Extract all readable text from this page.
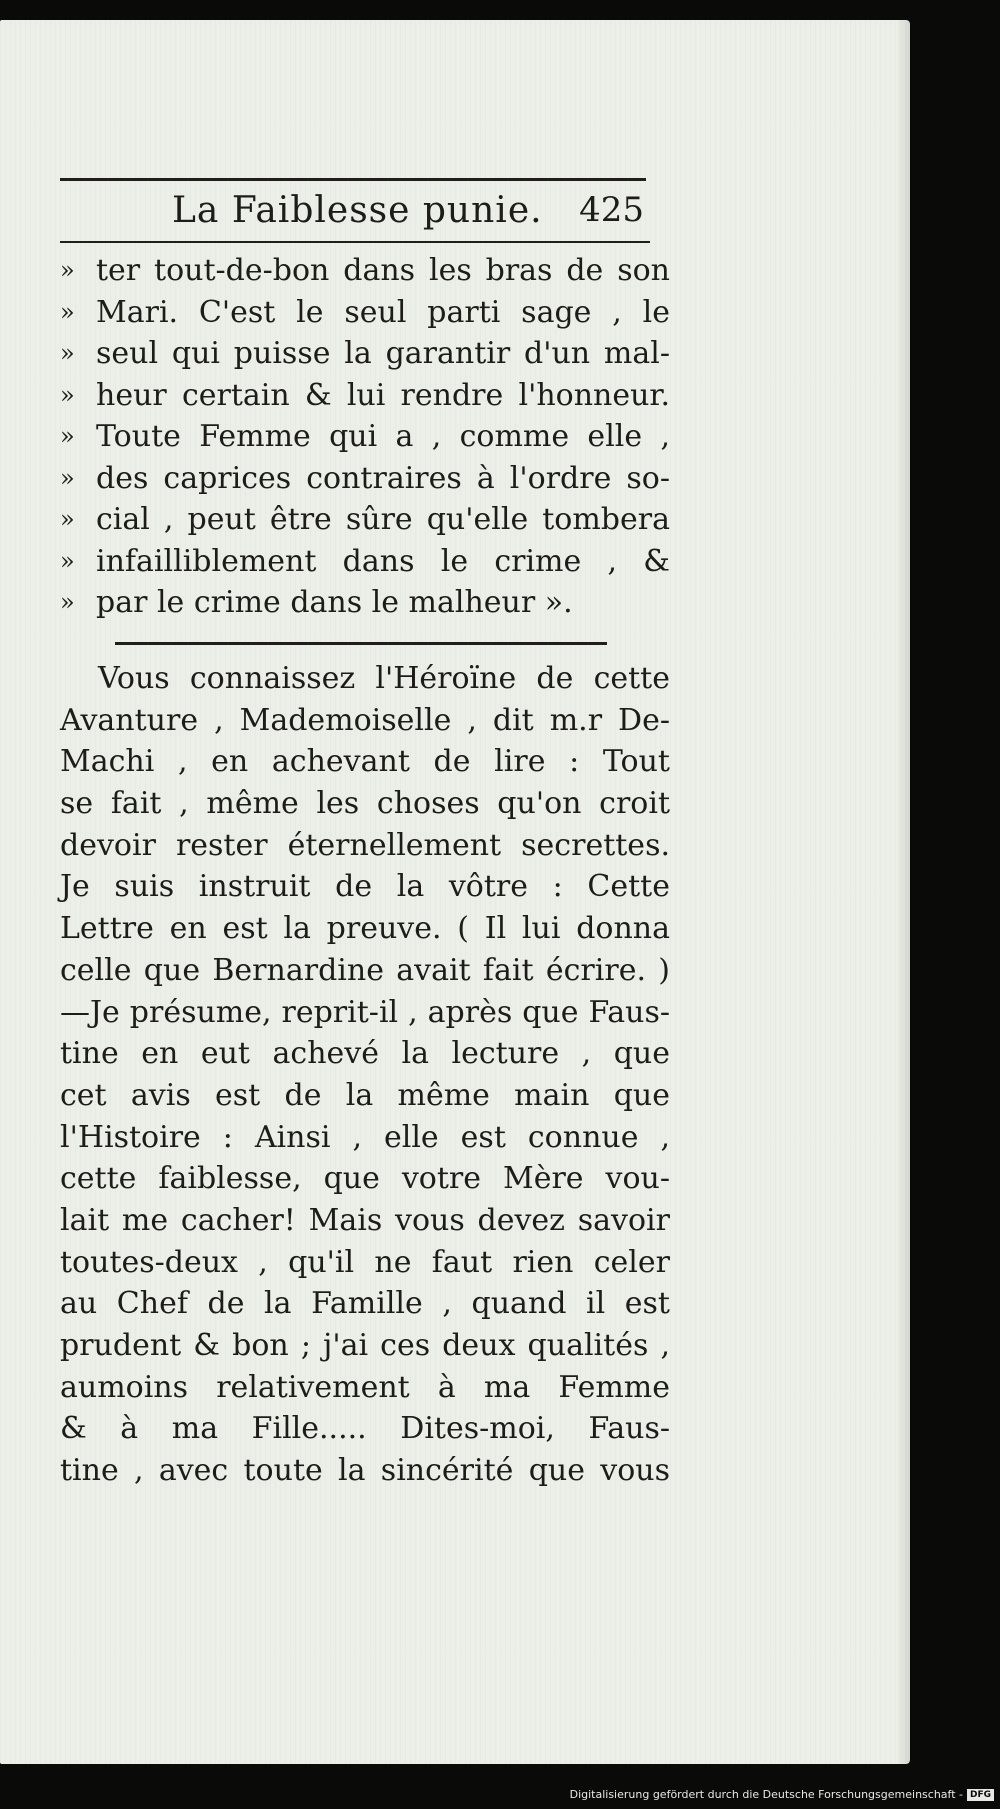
La Faiblesse punie. 425
» ter tout-de-bon dans les bras de son
» Mari. C'est le seul parti sage , le
» seul qui puisse la garantir d'un mal-
» heur certain & lui rendre l'honneur.
» Toute Femme qui a , comme elle ,
» des caprices contraires à l'ordre so-
» cial , peut être sûre qu'elle tombera
» infailliblement dans le crime , &
» par le crime dans le malheur ».
Vous connaissez l'Héroïne de cette
Avanture , Mademoiselle , dit m.r De-
Machi , en achevant de lire : Tout
se fait , même les choses qu'on croit
devoir rester éternellement secrettes.
Je suis instruit de la vôtre : Cette
Lettre en est la preuve. ( Il lui donna
celle que Bernardine avait fait écrire. )
—Je présume, reprit-il , après que Faus-
tine en eut achevé la lecture , que
cet avis est de la même main que
l'Histoire : Ainsi , elle est connue ,
cette faiblesse, que votre Mère vou-
lait me cacher! Mais vous devez savoir
toutes-deux , qu'il ne faut rien celer
au Chef de la Famille , quand il est
prudent & bon ; j'ai ces deux qualités ,
aumoins relativement à ma Femme
& à ma Fille..... Dites-moi, Faus-
tine , avec toute la sincérité que vous
Digitalisierung gefördert durch die Deutsche Forschungsgemeinschaft - DFG
